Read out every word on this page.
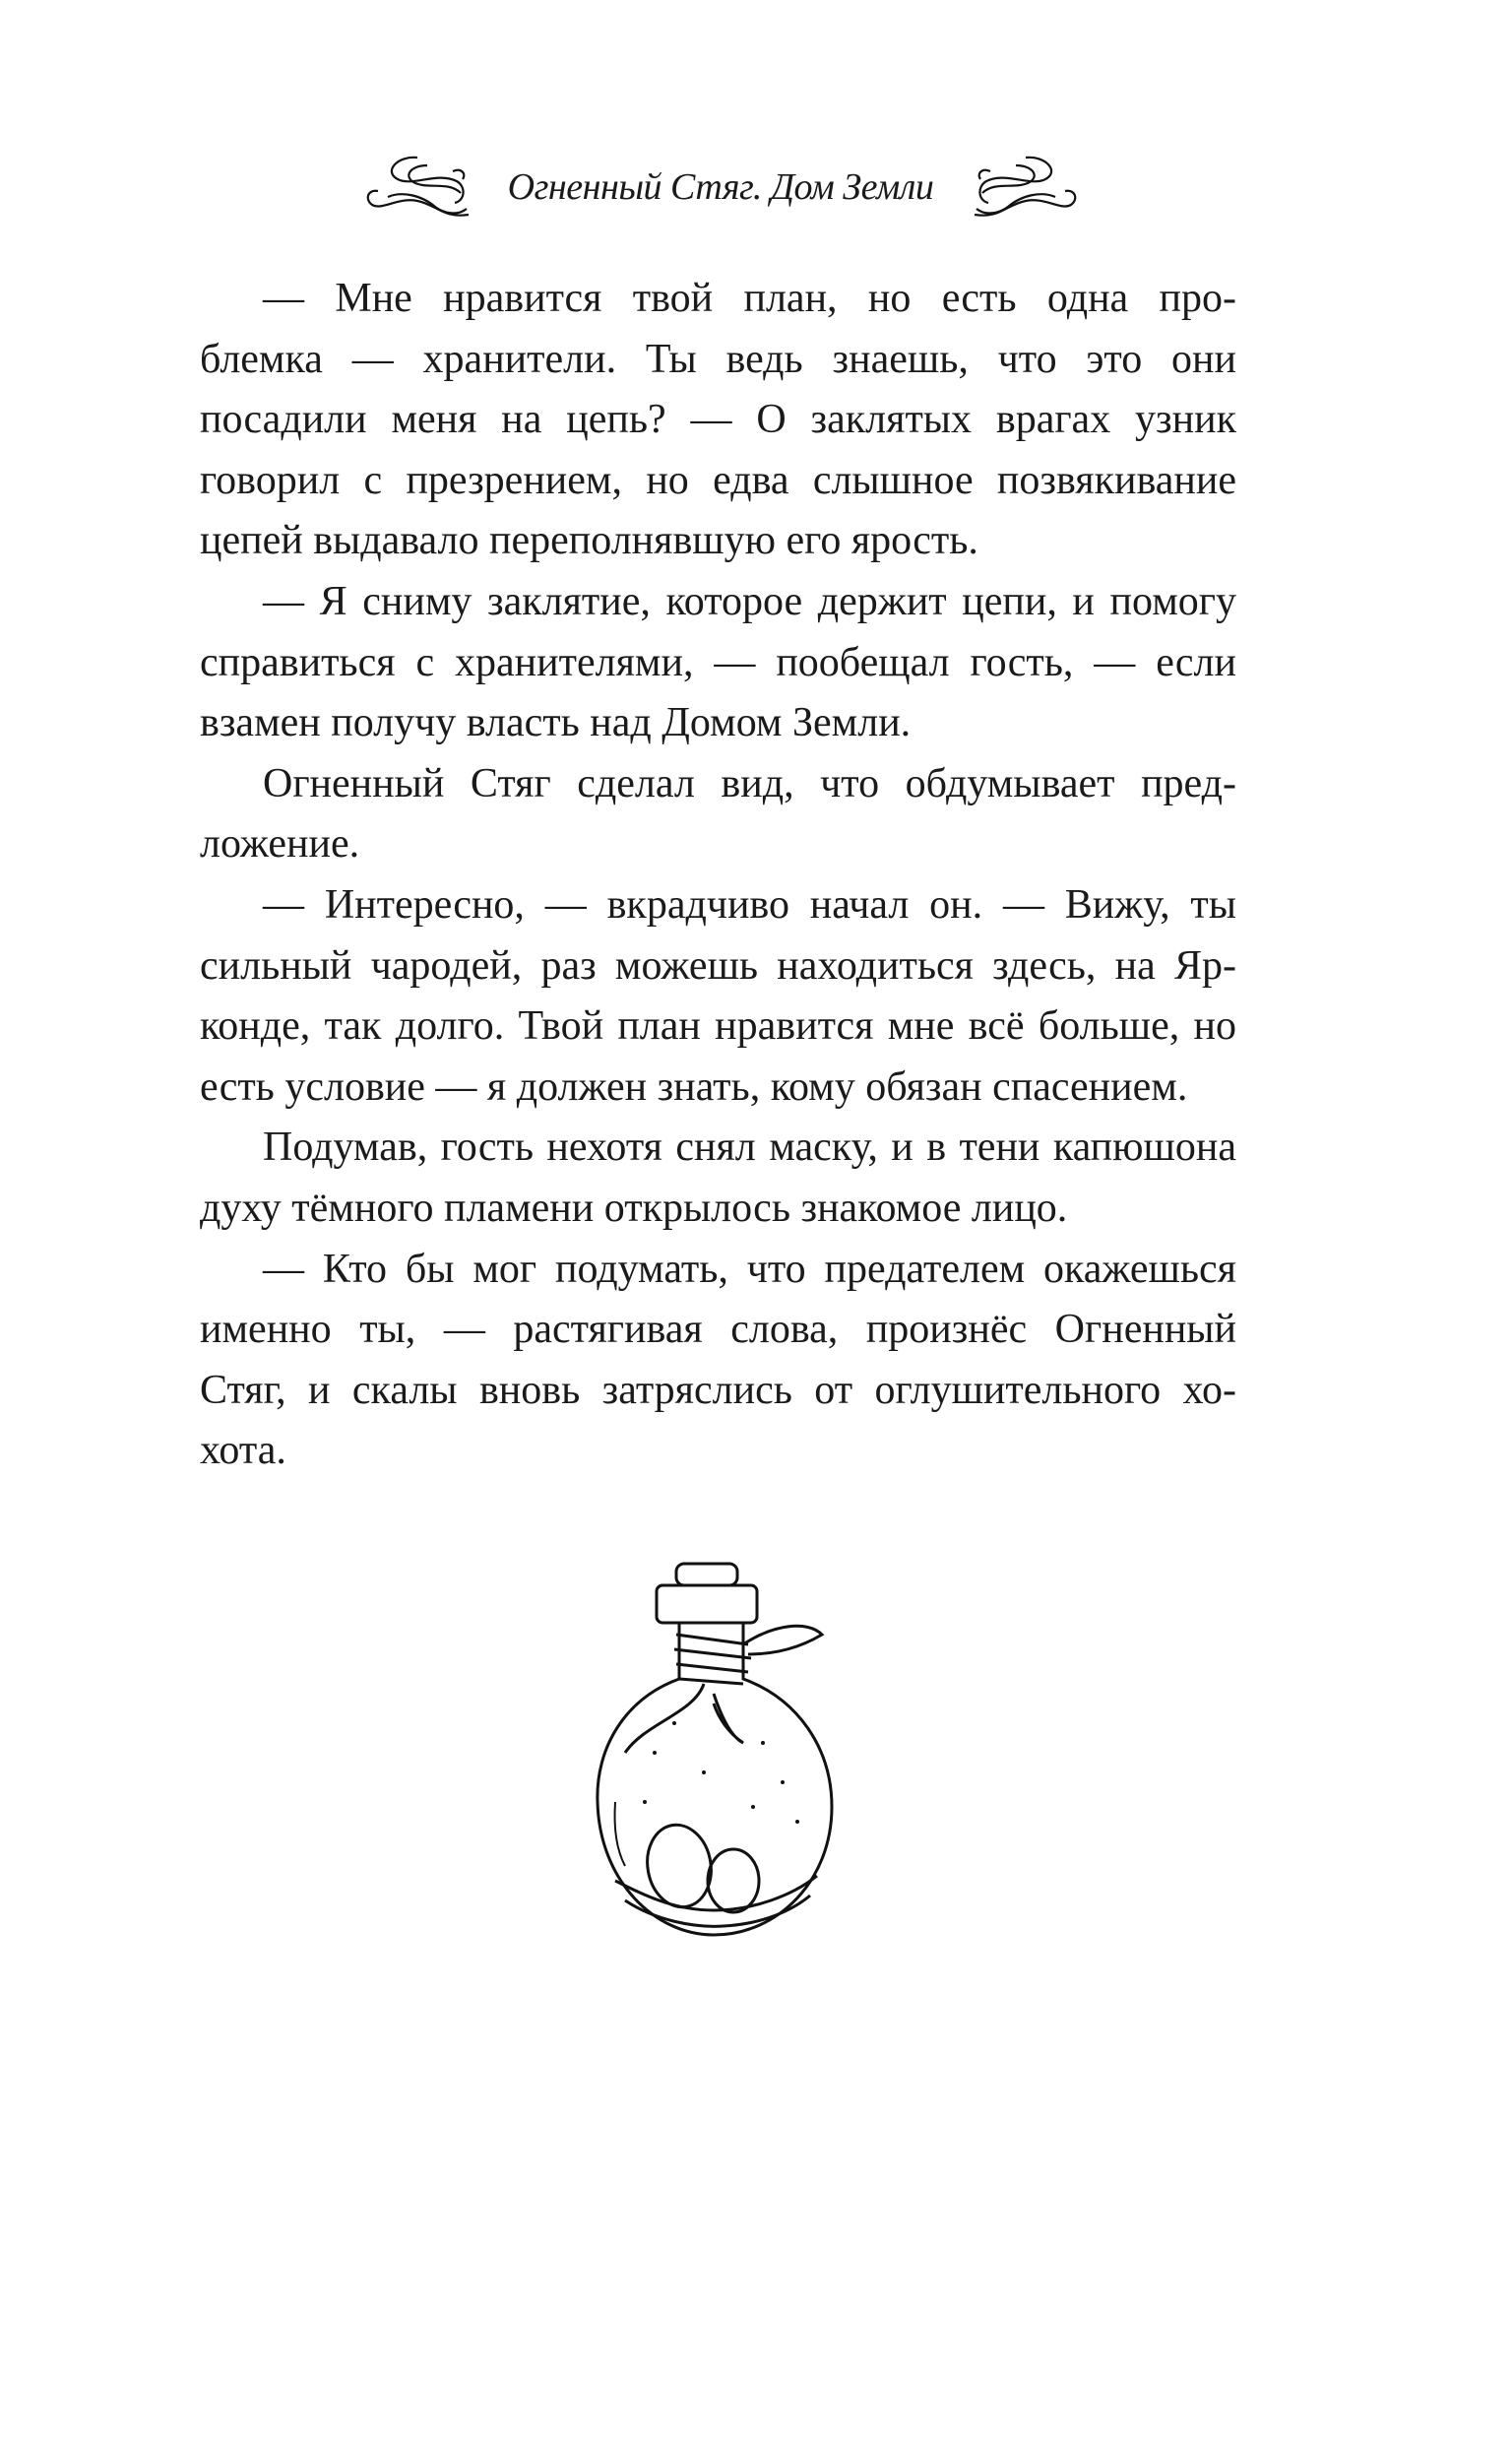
Огненный Стяг. Дом Земли
— Мне нравится твой план, но есть одна про-
блемка — хранители. Ты ведь знаешь, что это они
посадили меня на цепь? — О заклятых врагах узник
говорил с презрением, но едва слышное позвякивание
цепей выдавало переполнявшую его ярость.
— Я сниму заклятие, которое держит цепи, и помогу
справиться с хранителями, — пообещал гость, — если
взамен получу власть над Домом Земли.
Огненный Стяг сделал вид, что обдумывает пред-
ложение.
— Интересно, — вкрадчиво начал он. — Вижу, ты
сильный чародей, раз можешь находиться здесь, на Яр-
конде, так долго. Твой план нравится мне всё больше, но
есть условие — я должен знать, кому обязан спасением.
Подумав, гость нехотя снял маску, и в тени капюшона
духу тёмного пламени открылось знакомое лицо.
— Кто бы мог подумать, что предателем окажешься
именно ты, — растягивая слова, произнёс Огненный
Стяг, и скалы вновь затряслись от оглушительного хо-
хота.
